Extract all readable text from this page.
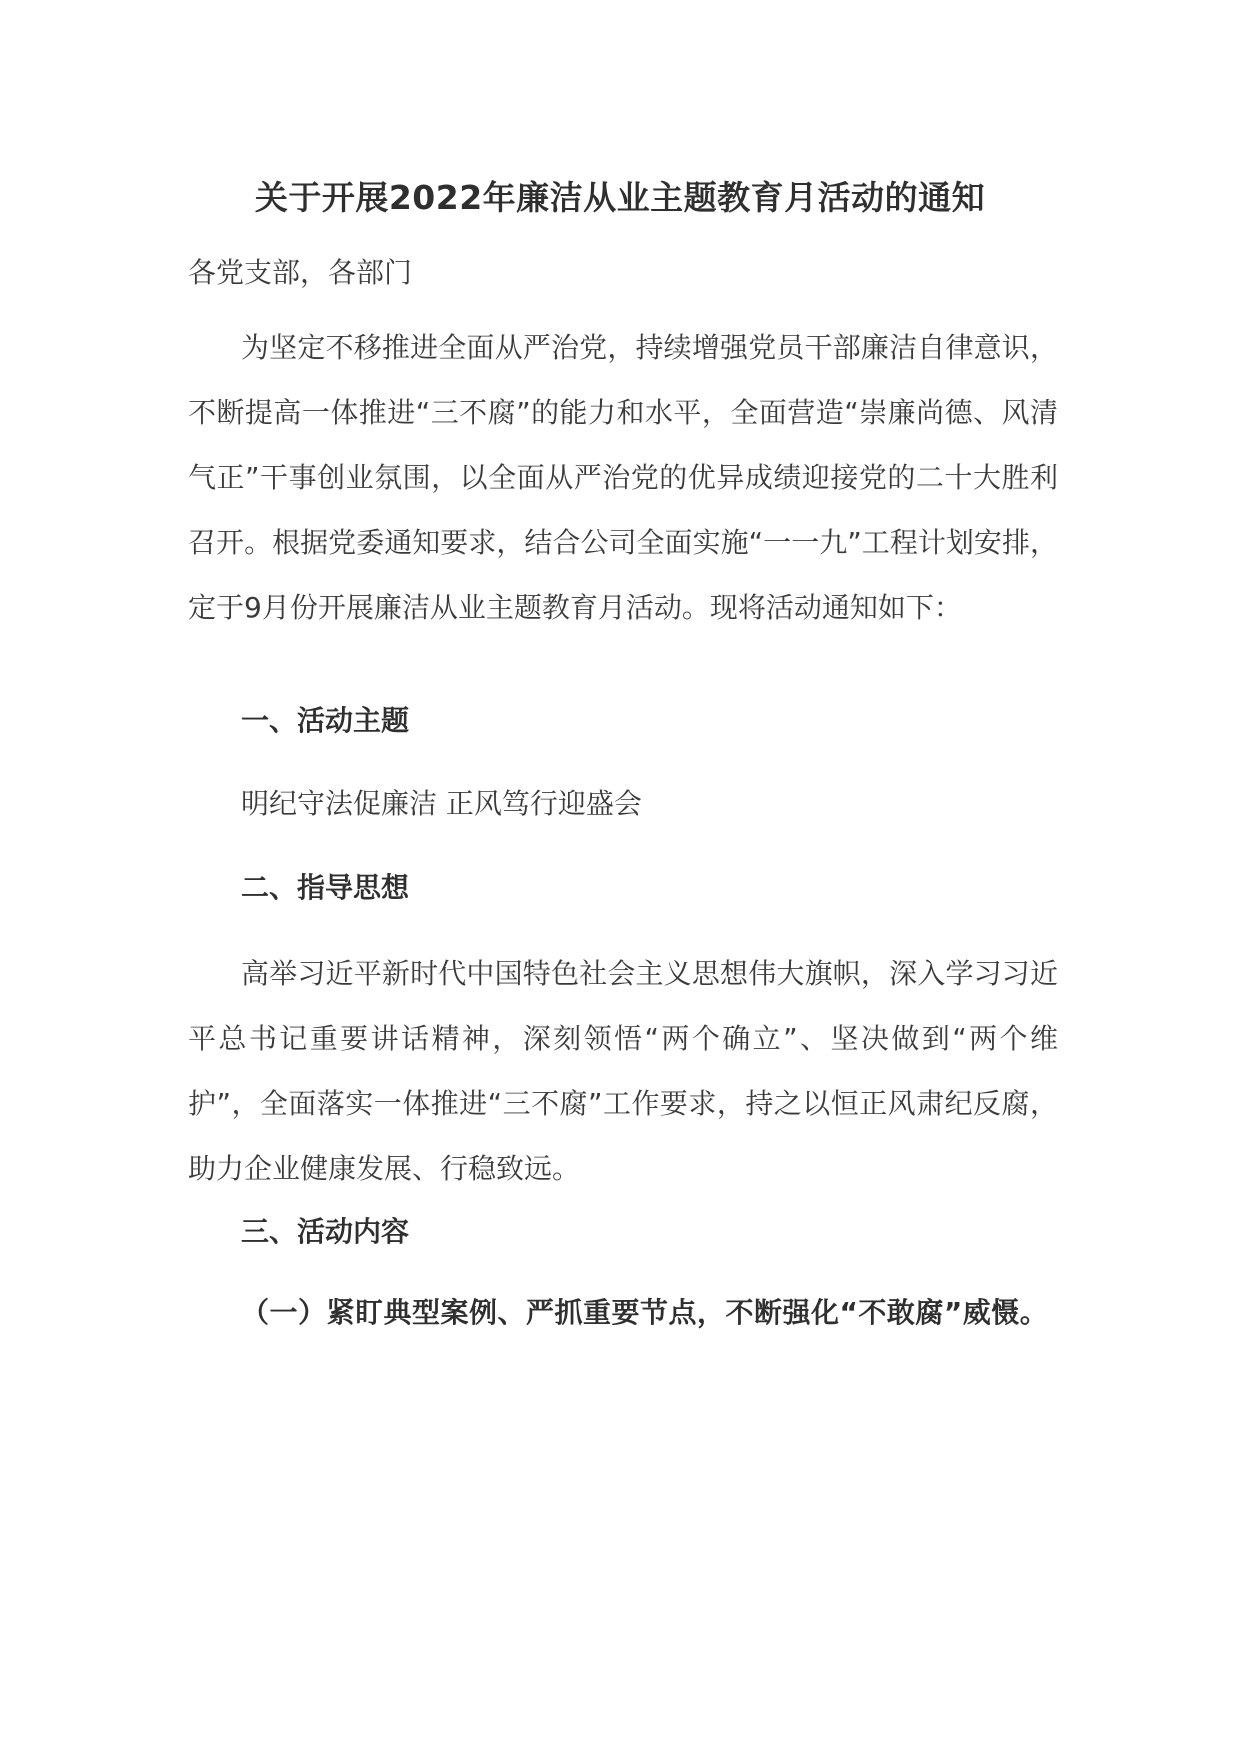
关于开展2022年廉洁从业主题教育月活动的通知

各党支部，各部门

为坚定不移推进全面从严治党，持续增强党员干部廉洁自律意识，不断提高一体推进“三不腐”的能力和水平，全面营造“崇廉尚德、风清气正”干事创业氛围，以全面从严治党的优异成绩迎接党的二十大胜利召开。根据党委通知要求，结合公司全面实施“一一九”工程计划安排，定于9月份开展廉洁从业主题教育月活动。现将活动通知如下：

一、活动主题

明纪守法促廉洁 正风笃行迎盛会

二、指导思想

高举习近平新时代中国特色社会主义思想伟大旗帜，深入学习习近平总书记重要讲话精神，深刻领悟“两个确立”、坚决做到“两个维护”，全面落实一体推进“三不腐”工作要求，持之以恒正风肃纪反腐，助力企业健康发展、行稳致远。

三、活动内容

（一）紧盯典型案例、严抓重要节点，不断强化“不敢腐”威慑。
